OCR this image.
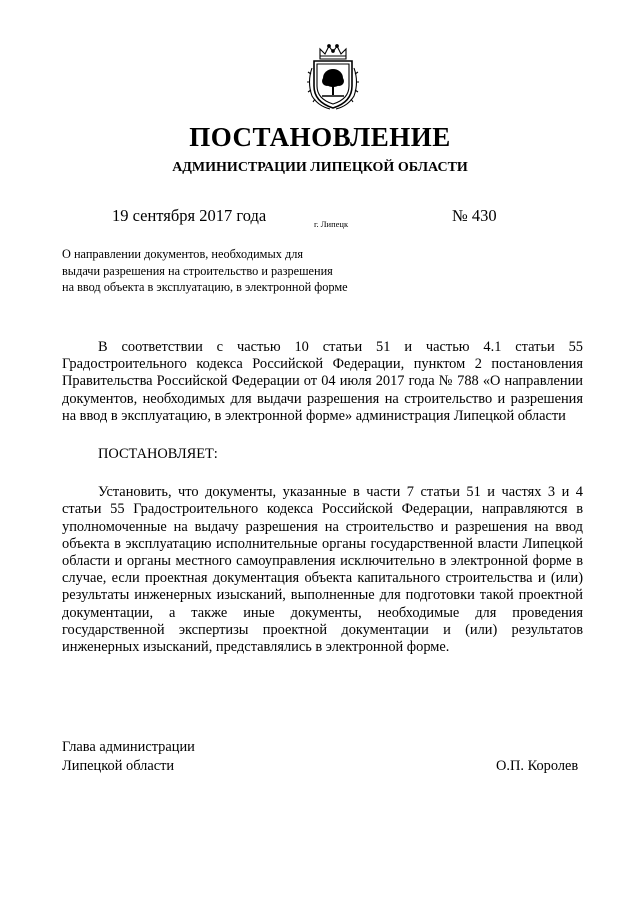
ПОСТАНОВЛЕНИЕ
АДМИНИСТРАЦИИ ЛИПЕЦКОЙ ОБЛАСТИ
19 сентября 2017 года	г. Липецк	№ 430
О направлении документов, необходимых для
выдачи разрешения на строительство и разрешения
на ввод объекта в эксплуатацию, в электронной форме

В соответствии с частью 10 статьи 51 и частью 4.1 статьи 55 Градостроительного кодекса Российской Федерации, пунктом 2 постановления Правительства Российской Федерации от 04 июля 2017 года № 788 «О направлении документов, необходимых для выдачи разрешения на строительство и разрешения на ввод в эксплуатацию, в электронной форме» администрация Липецкой области

ПОСТАНОВЛЯЕТ:

Установить, что документы, указанные в части 7 статьи 51 и частях 3 и 4 статьи 55 Градостроительного кодекса Российской Федерации, направляются в уполномоченные на выдачу разрешения на строительство и разрешения на ввод объекта в эксплуатацию исполнительные органы государственной власти Липецкой области и органы местного самоуправления исключительно в электронной форме в случае, если проектная документация объекта капитального строительства и (или) результаты инженерных изысканий, выполненные для подготовки такой проектной документации, а также иные документы, необходимые для проведения государственной экспертизы проектной документации и (или) результатов инженерных изысканий, представлялись в электронной форме.

Глава администрации
Липецкой области	О.П. Королев
